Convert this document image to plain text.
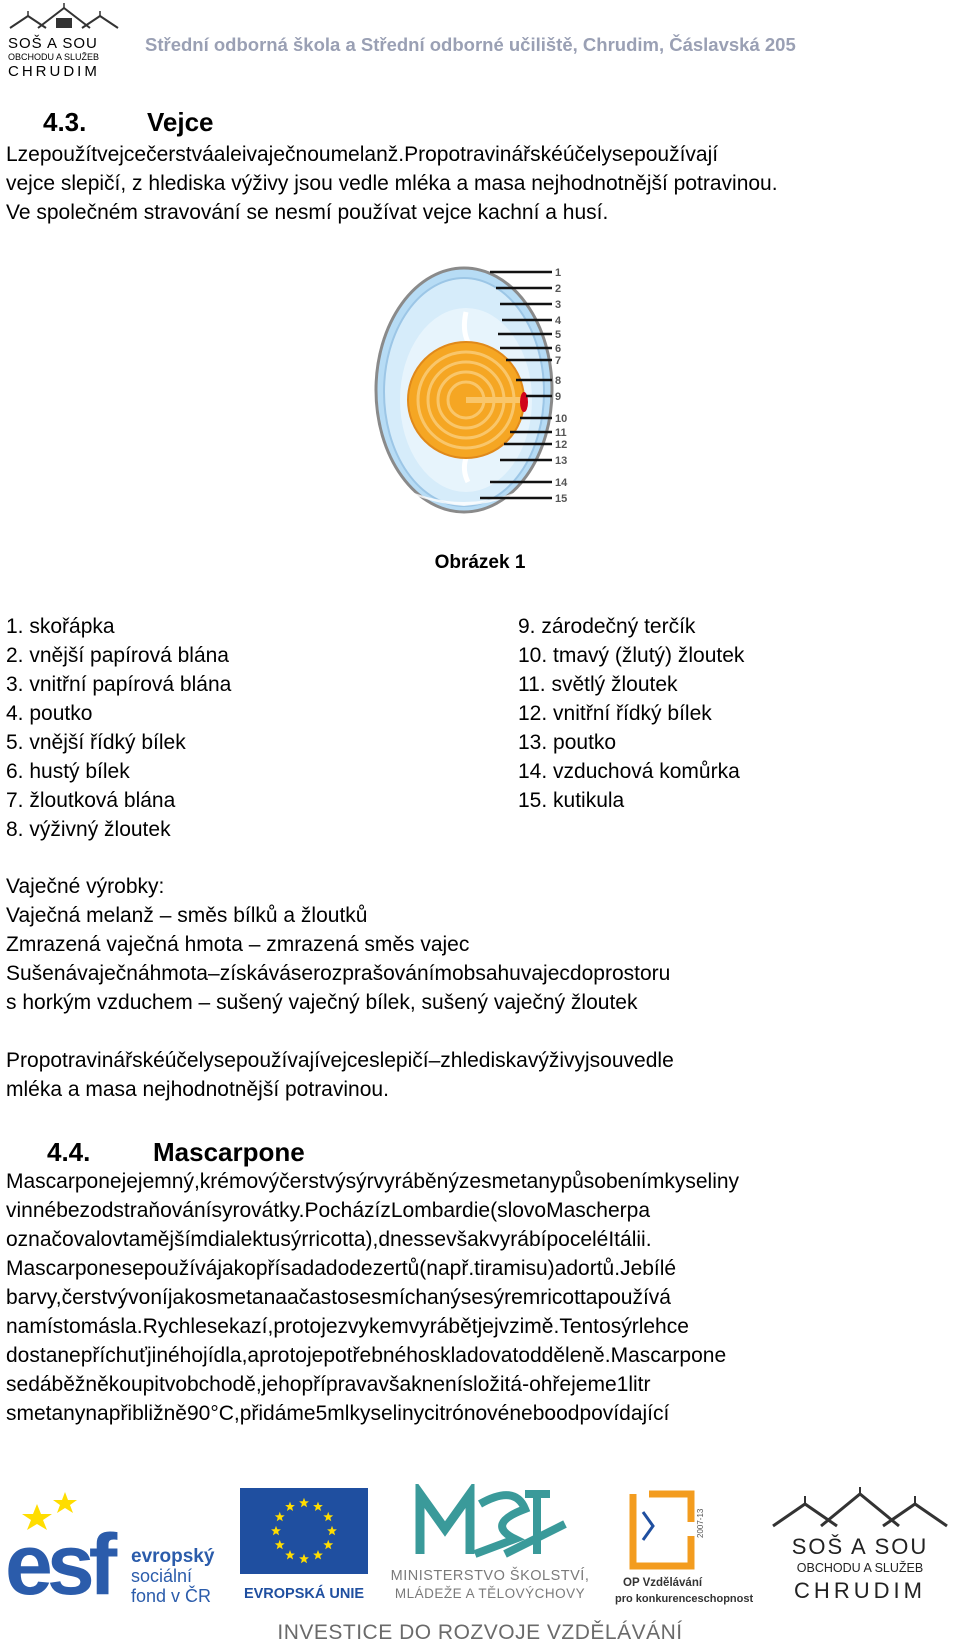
SOŠ A SOU
OBCHODU A SLUŽEB
CHRUDIM
Střední odborná škola a Střední odborné učiliště, Chrudim, Čáslavská 205
4.3. Vejce
Lzepoužítvejcečerstváaleivaječnoumelanž.Propotravinářskéúčelysepoužívají
vejce slepičí, z hlediska výživy jsou vedle mléka a masa nejhodnotnější potravinou.
Ve společném stravování se nesmí používat vejce kachní a husí.
1
2
3
4
5
6
7
8
9
10
11
12
13
14
15
Obrázek 1
1. skořápka
2. vnější papírová blána
3. vnitřní papírová blána
4. poutko
5. vnější řídký bílek
6. hustý bílek
7. žloutková blána
8. výživný žloutek
9. zárodečný terčík
10. tmavý (žlutý) žloutek
11. světlý žloutek
12. vnitřní řídký bílek
13. poutko
14. vzduchová komůrka
15. kutikula
Vaječné výrobky:
Vaječná melanž – směs bílků a žloutků
Zmrazená vaječná hmota – zmrazená směs vajec
Sušenávaječnáhmota–získáváserozprašovánímobsahuvajecdoprostoru
s horkým vzduchem – sušený vaječný bílek, sušený vaječný žloutek
Propotravinářskéúčelysepoužívajívejceslepičí–zhlediskavýživyjsouvedle
mléka a masa nejhodnotnější potravinou.
4.4. Mascarpone
Mascarponejejemný,krémovýčerstvýsýrvyráběnýzesmetanypůsobenímkyseliny
vinnébezodstraňovánísyrovátky.PocházízLombardie(slovoMascherpa
označovalovtamějšímdialektusýrricotta),dnessevšakvyrábípoceléItálii.
Mascarponesepoužívájakopřísadadodezertů(např.tiramisu)adortů.Jebílé
barvy,čerstvývoníjakosmetanaačastosesmíchanýsesýremricottapoužívá
namístomásla.Rychlesekazí,protojezvykemvyrábětjejvzimě.Tentosýrlehce
dostanepříchuťjinéhojídla,aprotojepotřebnéhoskladovatodděleně.Mascarpone
sedáběžněkoupitvobchodě,jehopřípravavšaknenísložitá-ohřejeme1litr
smetanynapřibližně90°C,přidáme5mlkyselinycitrónovéneboodpovídající
esf	evropský
sociální
fond v ČR EVROPSKÁ UNIE
MINISTERSTVO ŠKOLSTVÍ,
MLÁDEŽE A TĚLOVÝCHOVY
2007-13
OP Vzdělávání
pro konkurenceschopnost
SOŠ A SOU
OBCHODU A SLUŽEB
CHRUDIM
INVESTICE DO ROZVOJE VZDĚLÁVÁNÍ
